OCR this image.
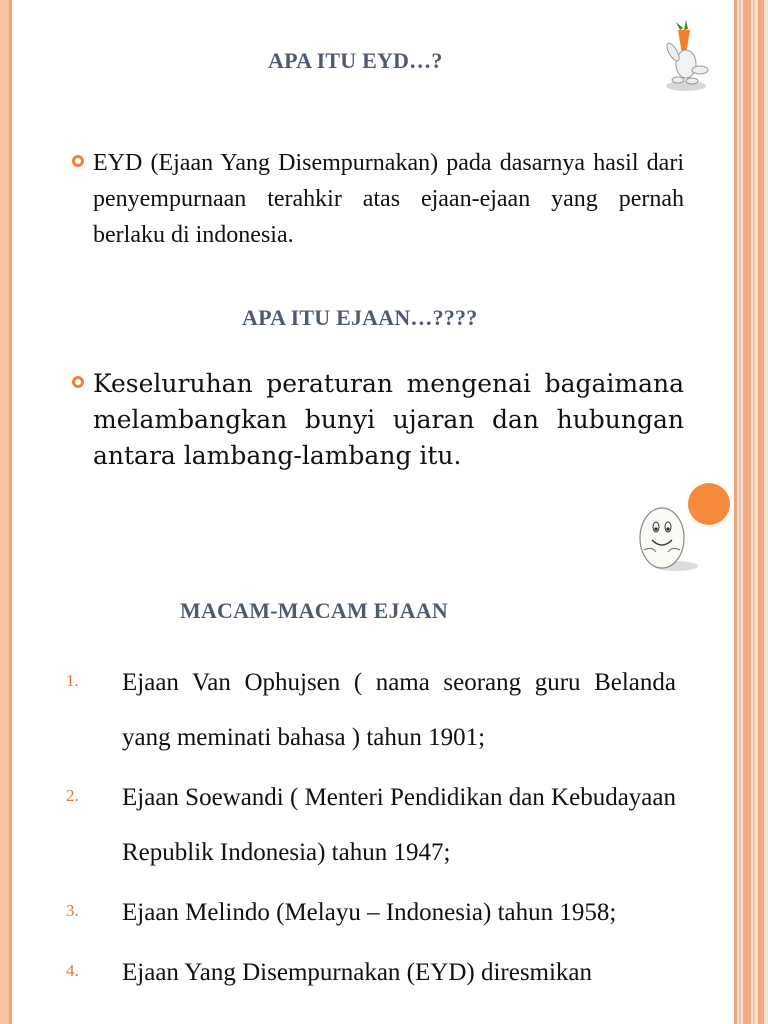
APA ITU EYD…?

EYD (Ejaan Yang Disempurnakan) pada dasarnya hasil dari penyempurnaan terahkir atas ejaan-ejaan yang pernah berlaku di indonesia.

APA ITU EJAAN…????

Keseluruhan peraturan mengenai bagaimana melambangkan bunyi ujaran dan hubungan antara lambang-lambang itu.

MACAM-MACAM EJAAN
1.	Ejaan Van Ophujsen ( nama seorang guru Belanda yang meminati bahasa ) tahun 1901;
2.	Ejaan Soewandi ( Menteri Pendidikan dan Kebudayaan Republik Indonesia) tahun 1947;
3.	Ejaan Melindo (Melayu – Indonesia) tahun 1958;
4.	Ejaan Yang Disempurnakan (EYD) diresmikan
